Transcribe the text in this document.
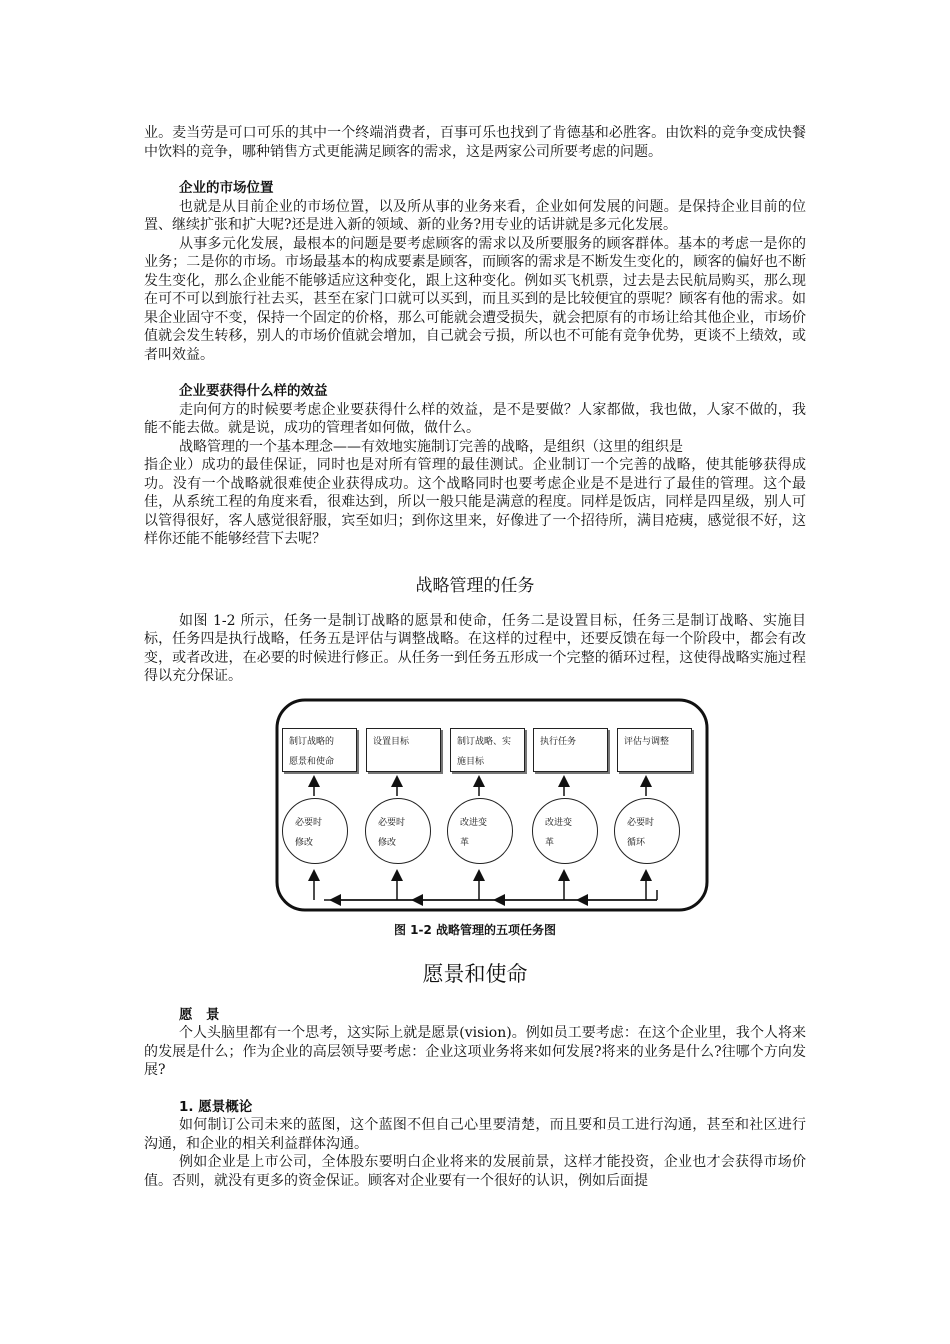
业。麦当劳是可口可乐的其中一个终端消费者，百事可乐也找到了肯德基和必胜客。由饮料的竞争变成快餐中饮料的竞争，哪种销售方式更能满足顾客的需求，这是两家公司所要考虑的问题。

企业的市场位置

也就是从目前企业的市场位置，以及所从事的业务来看，企业如何发展的问题。是保持企业目前的位置、继续扩张和扩大呢?还是进入新的领域、新的业务?用专业的话讲就是多元化发展。

从事多元化发展，最根本的问题是要考虑顾客的需求以及所要服务的顾客群体。基本的考虑一是你的业务；二是你的市场。市场最基本的构成要素是顾客，而顾客的需求是不断发生变化的，顾客的偏好也不断发生变化，那么企业能不能够适应这种变化，跟上这种变化。例如买飞机票，过去是去民航局购买，那么现在可不可以到旅行社去买，甚至在家门口就可以买到，而且买到的是比较便宜的票呢？顾客有他的需求。如果企业固守不变，保持一个固定的价格，那么可能就会遭受损失，就会把原有的市场让给其他企业，市场价值就会发生转移，别人的市场价值就会增加，自己就会亏损，所以也不可能有竞争优势，更谈不上绩效，或者叫效益。

企业要获得什么样的效益

走向何方的时候要考虑企业要获得什么样的效益，是不是要做？人家都做，我也做，人家不做的，我能不能去做。就是说，成功的管理者如何做，做什么。

战略管理的一个基本理念——有效地实施制订完善的战略，是组织（这里的组织是

指企业）成功的最佳保证，同时也是对所有管理的最佳测试。企业制订一个完善的战略，使其能够获得成功。没有一个战略就很难使企业获得成功。这个战略同时也要考虑企业是不是进行了最佳的管理。这个最佳，从系统工程的角度来看，很难达到，所以一般只能是满意的程度。同样是饭店，同样是四星级，别人可以管得很好，客人感觉很舒服，宾至如归；到你这里来，好像进了一个招待所，满目疮痍，感觉很不好，这样你还能不能够经营下去呢？

战略管理的任务

如图 1-2 所示，任务一是制订战略的愿景和使命，任务二是设置目标，任务三是制订战略、实施目标，任务四是执行战略，任务五是评估与调整战略。在这样的过程中，还要反馈在每一个阶段中，都会有改变，或者改进，在必要的时候进行修正。从任务一到任务五形成一个完整的循环过程，这使得战略实施过程得以充分保证。

制订战略的
愿景和使命
设置目标	制订战略、实
施目标
执行任务	评估与调整
必要时
修改
必要时
修改
改进变
革
改进变
革
必要时
循环
图 1-2 战略管理的五项任务图
愿景和使命

愿　景

个人头脑里都有一个思考，这实际上就是愿景(vision)。例如员工要考虑：在这个企业里，我个人将来的发展是什么；作为企业的高层领导要考虑：企业这项业务将来如何发展?将来的业务是什么?往哪个方向发展?

1. 愿景概论

如何制订公司未来的蓝图，这个蓝图不但自己心里要清楚，而且要和员工进行沟通，甚至和社区进行沟通，和企业的相关利益群体沟通。

例如企业是上市公司，全体股东要明白企业将来的发展前景，这样才能投资，企业也才会获得市场价值。否则，就没有更多的资金保证。顾客对企业要有一个很好的认识，例如后面提
